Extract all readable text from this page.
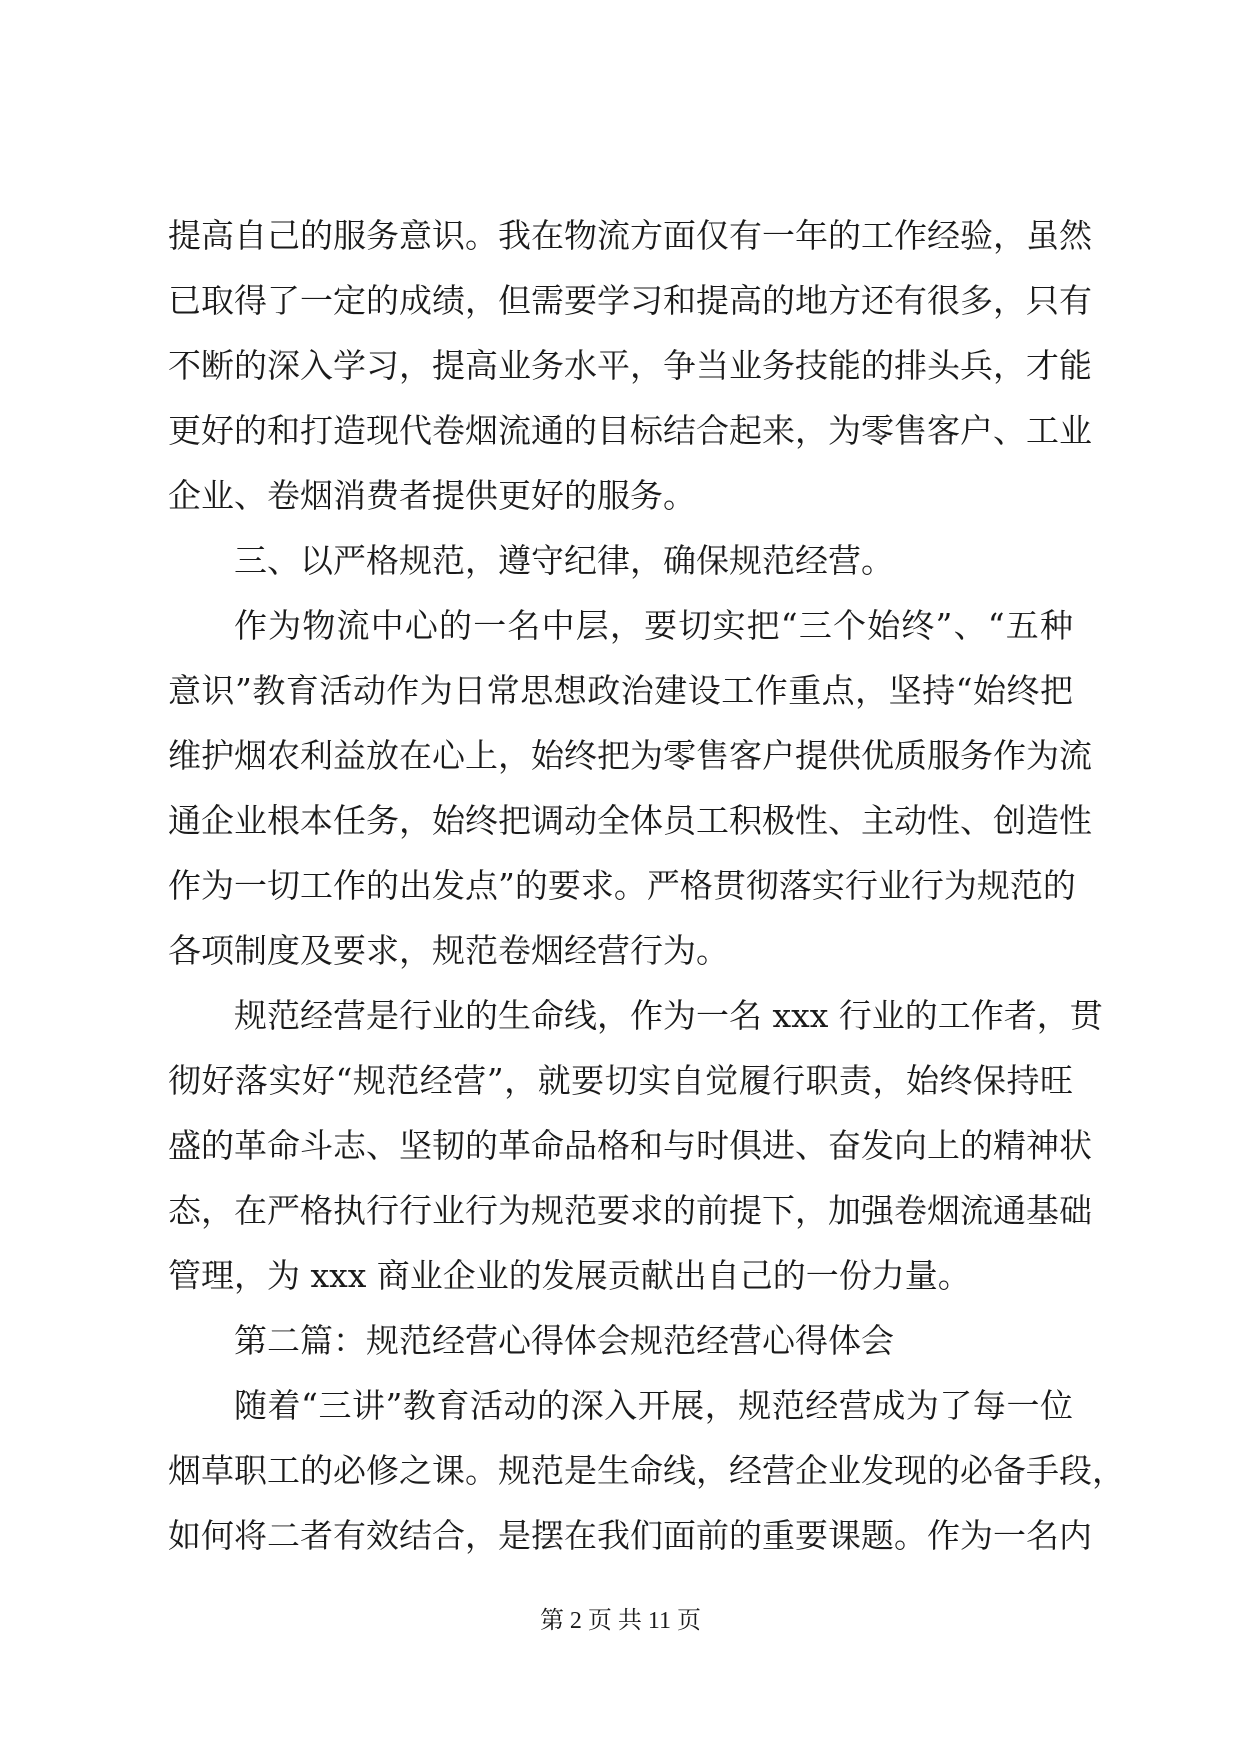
提高自己的服务意识。我在物流方面仅有一年的工作经验，虽然
已取得了一定的成绩，但需要学习和提高的地方还有很多，只有
不断的深入学习，提高业务水平，争当业务技能的排头兵，才能
更好的和打造现代卷烟流通的目标结合起来，为零售客户、工业
企业、卷烟消费者提供更好的服务。
三、以严格规范，遵守纪律，确保规范经营。
作为物流中心的一名中层，要切实把“三个始终”、“五种
意识”教育活动作为日常思想政治建设工作重点，坚持“始终把
维护烟农利益放在心上，始终把为零售客户提供优质服务作为流
通企业根本任务，始终把调动全体员工积极性、主动性、创造性
作为一切工作的出发点”的要求。严格贯彻落实行业行为规范的
各项制度及要求，规范卷烟经营行为。
规范经营是行业的生命线，作为一名 xxx 行业的工作者，贯
彻好落实好“规范经营”，就要切实自觉履行职责，始终保持旺
盛的革命斗志、坚韧的革命品格和与时俱进、奋发向上的精神状
态，在严格执行行业行为规范要求的前提下，加强卷烟流通基础
管理，为 xxx 商业企业的发展贡献出自己的一份力量。
第二篇：规范经营心得体会规范经营心得体会
随着“三讲”教育活动的深入开展，规范经营成为了每一位
烟草职工的必修之课。规范是生命线，经营企业发现的必备手段，
如何将二者有效结合，是摆在我们面前的重要课题。作为一名内
第 2 页 共 11 页
